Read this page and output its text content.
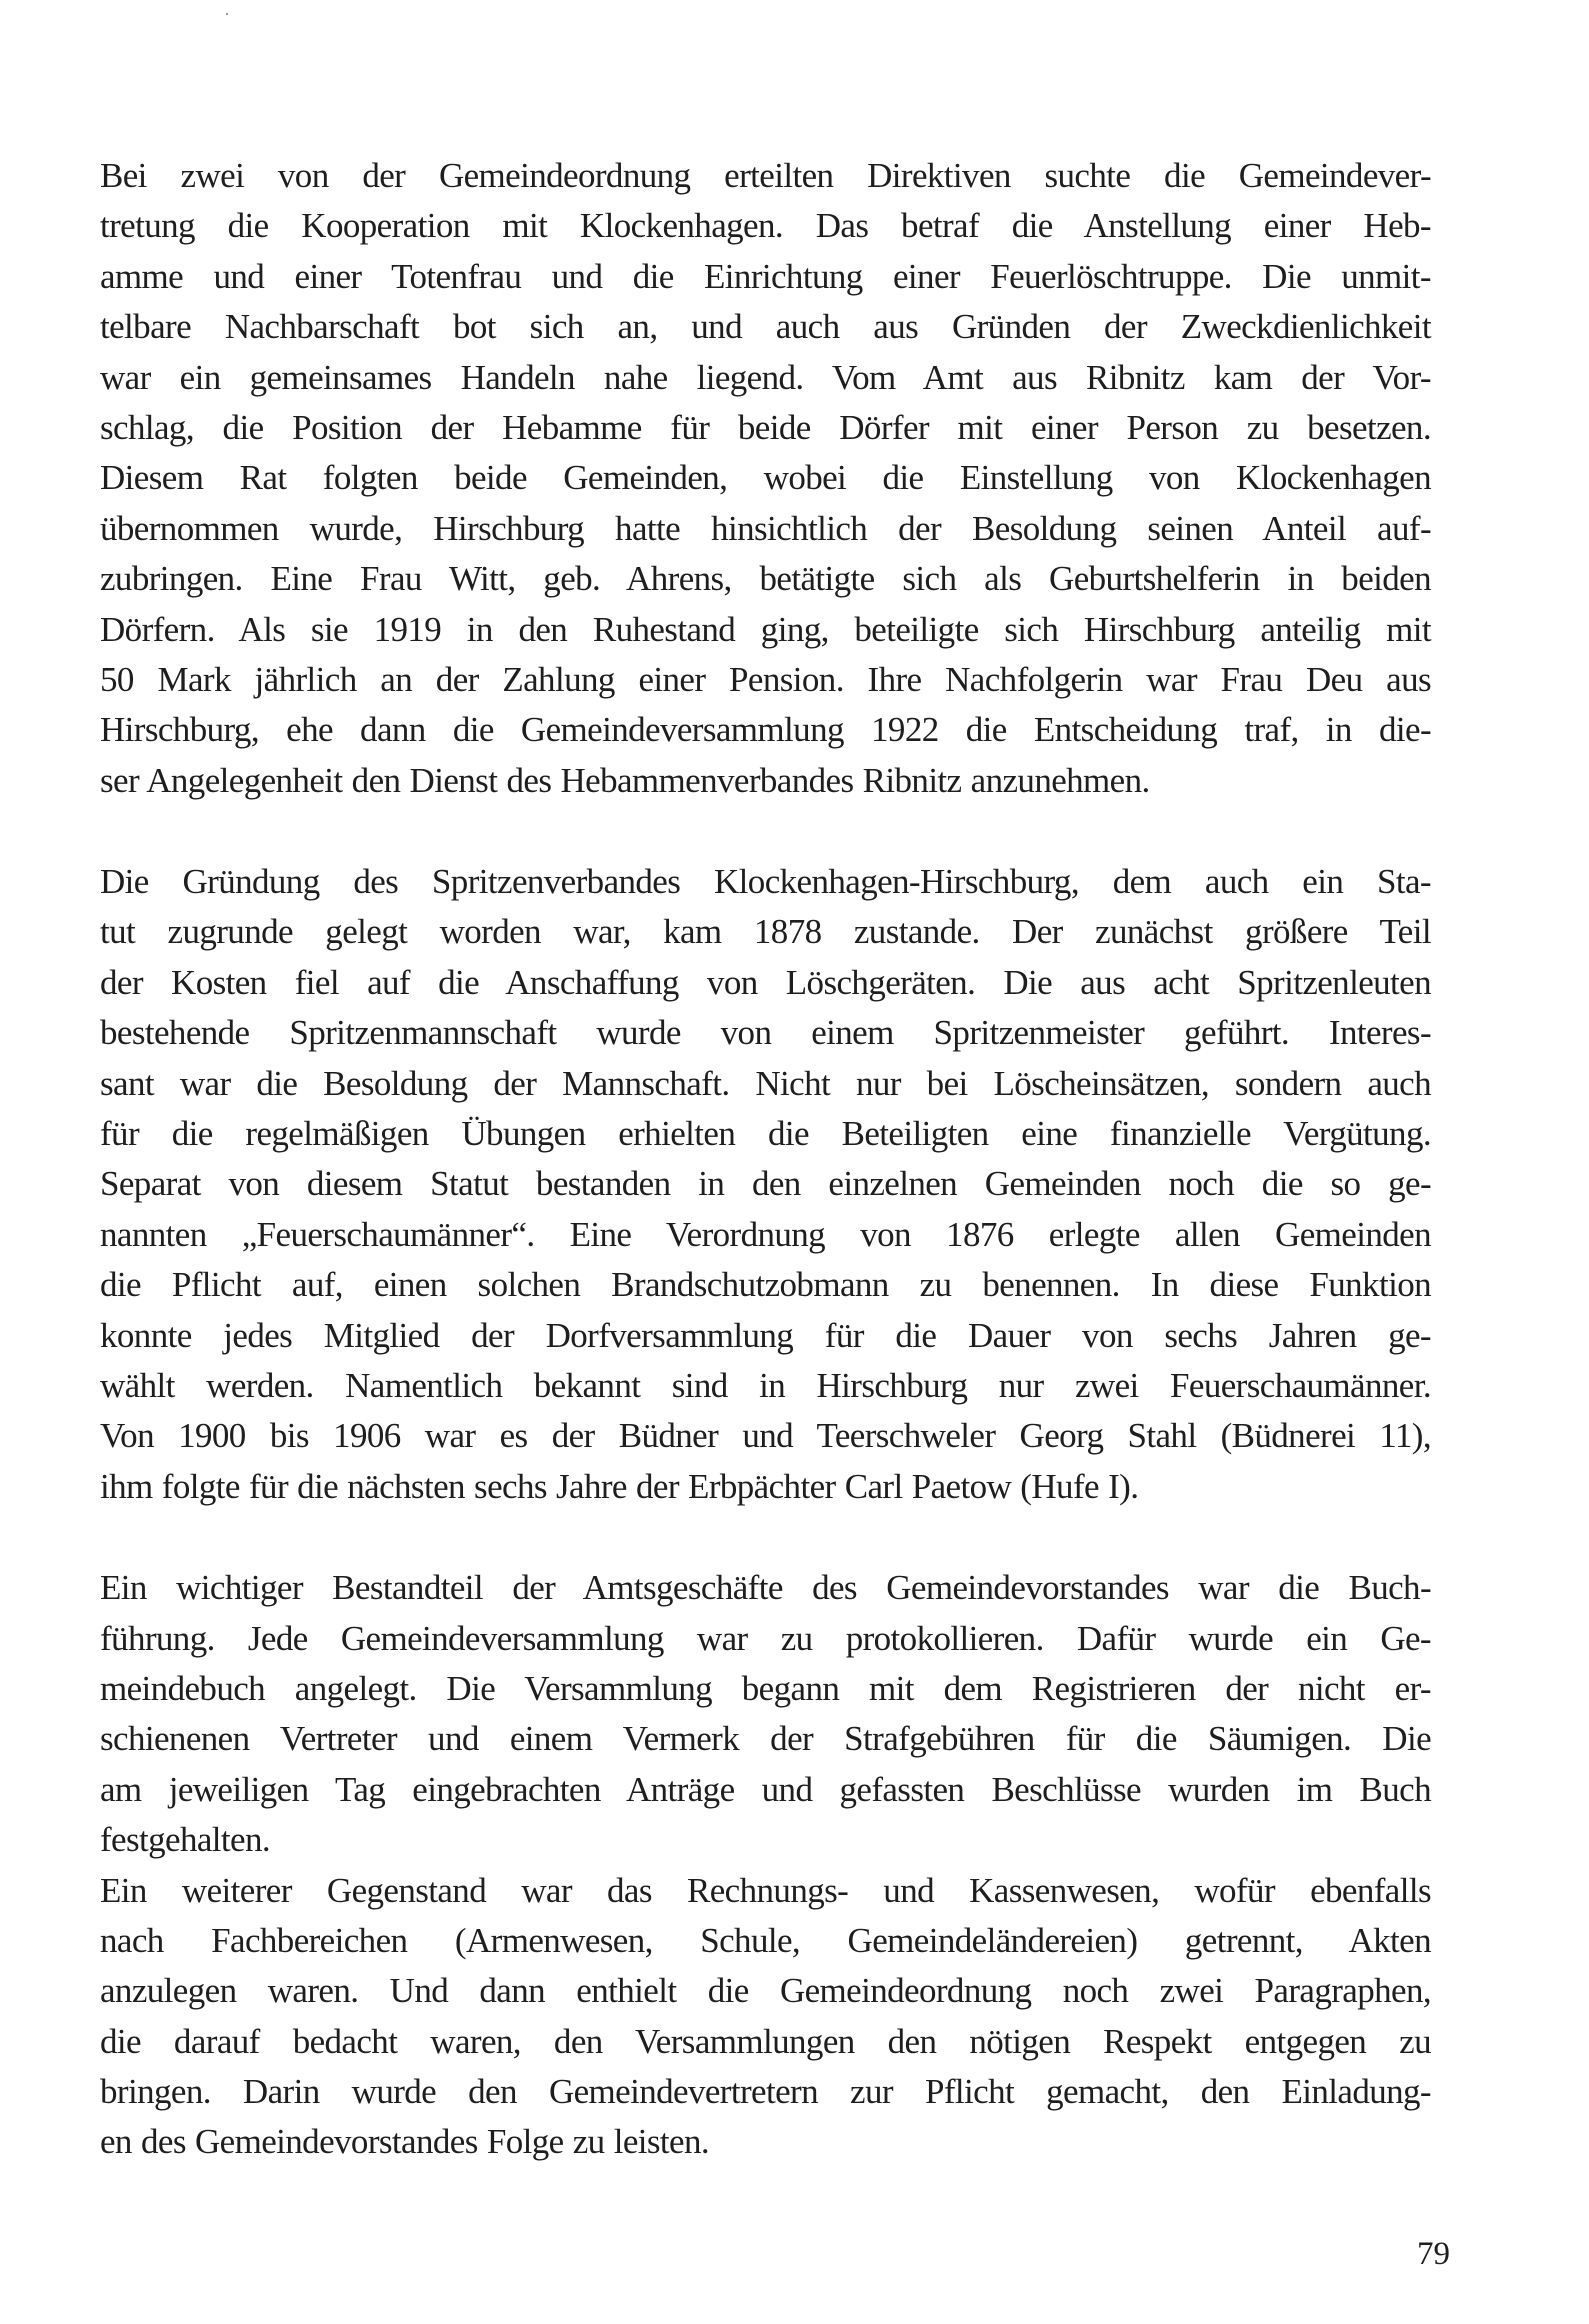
Bei zwei von der Gemeindeordnung erteilten Direktiven suchte die Gemeindever-
tretung die Kooperation mit Klockenhagen. Das betraf die Anstellung einer Heb-
amme und einer Totenfrau und die Einrichtung einer Feuerlöschtruppe. Die unmit-
telbare Nachbarschaft bot sich an, und auch aus Gründen der Zweckdienlichkeit
war ein gemeinsames Handeln nahe liegend. Vom Amt aus Ribnitz kam der Vor-
schlag, die Position der Hebamme für beide Dörfer mit einer Person zu besetzen.
Diesem Rat folgten beide Gemeinden, wobei die Einstellung von Klockenhagen
übernommen wurde, Hirschburg hatte hinsichtlich der Besoldung seinen Anteil auf-
zubringen. Eine Frau Witt, geb. Ahrens, betätigte sich als Geburtshelferin in beiden
Dörfern. Als sie 1919 in den Ruhestand ging, beteiligte sich Hirschburg anteilig mit
50 Mark jährlich an der Zahlung einer Pension. Ihre Nachfolgerin war Frau Deu aus
Hirschburg, ehe dann die Gemeindeversammlung 1922 die Entscheidung traf, in die-
ser Angelegenheit den Dienst des Hebammenverbandes Ribnitz anzunehmen.

Die Gründung des Spritzenverbandes Klockenhagen-Hirschburg, dem auch ein Sta-
tut zugrunde gelegt worden war, kam 1878 zustande. Der zunächst größere Teil
der Kosten fiel auf die Anschaffung von Löschgeräten. Die aus acht Spritzenleuten
bestehende Spritzenmannschaft wurde von einem Spritzenmeister geführt. Interes-
sant war die Besoldung der Mannschaft. Nicht nur bei Löscheinsätzen, sondern auch
für die regelmäßigen Übungen erhielten die Beteiligten eine finanzielle Vergütung.
Separat von diesem Statut bestanden in den einzelnen Gemeinden noch die so ge-
nannten „Feuerschaumänner“. Eine Verordnung von 1876 erlegte allen Gemeinden
die Pflicht auf, einen solchen Brandschutzobmann zu benennen. In diese Funktion
konnte jedes Mitglied der Dorfversammlung für die Dauer von sechs Jahren ge-
wählt werden. Namentlich bekannt sind in Hirschburg nur zwei Feuerschaumänner.
Von 1900 bis 1906 war es der Büdner und Teerschweler Georg Stahl (Büdnerei 11),
ihm folgte für die nächsten sechs Jahre der Erbpächter Carl Paetow (Hufe I).

Ein wichtiger Bestandteil der Amtsgeschäfte des Gemeindevorstandes war die Buch-
führung. Jede Gemeindeversammlung war zu protokollieren. Dafür wurde ein Ge-
meindebuch angelegt. Die Versammlung begann mit dem Registrieren der nicht er-
schienenen Vertreter und einem Vermerk der Strafgebühren für die Säumigen. Die
am jeweiligen Tag eingebrachten Anträge und gefassten Beschlüsse wurden im Buch
festgehalten.

Ein weiterer Gegenstand war das Rechnungs- und Kassenwesen, wofür ebenfalls
nach Fachbereichen (Armenwesen, Schule, Gemeindeländereien) getrennt, Akten
anzulegen waren. Und dann enthielt die Gemeindeordnung noch zwei Paragraphen,
die darauf bedacht waren, den Versammlungen den nötigen Respekt entgegen zu
bringen. Darin wurde den Gemeindevertretern zur Pflicht gemacht, den Einladung-
en des Gemeindevorstandes Folge zu leisten.

79
